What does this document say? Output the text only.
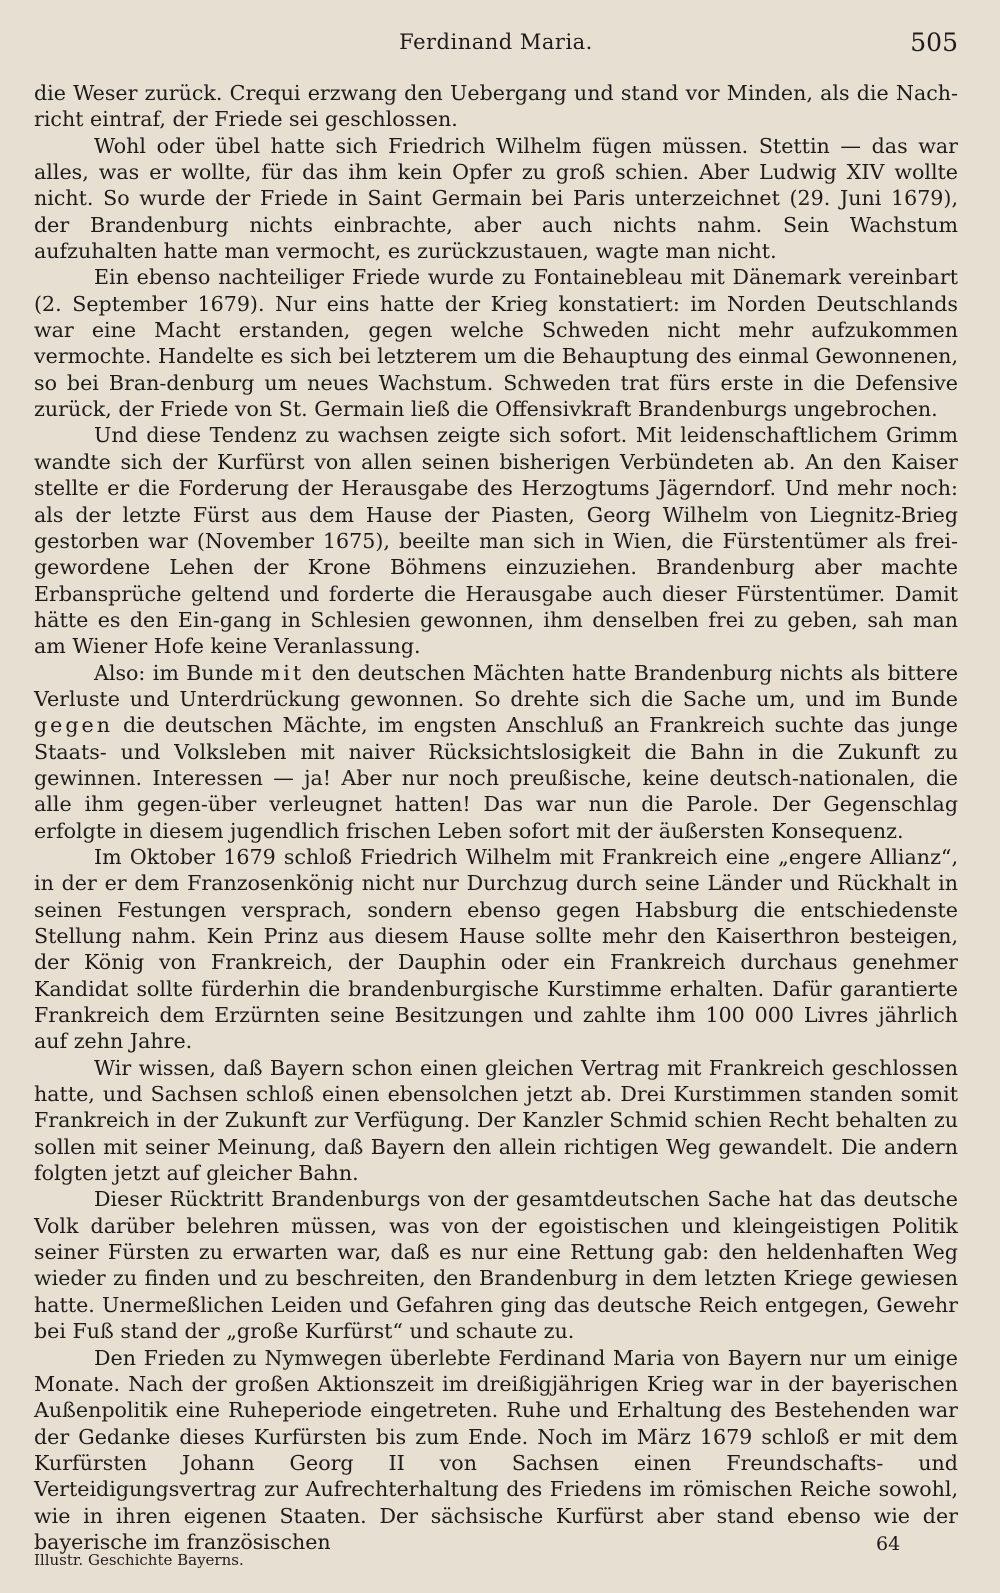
Ferdinand Maria.	505

die Weser zurück. Crequi erzwang den Uebergang und stand vor Minden, als die Nach-richt eintraf, der Friede sei geschlossen.

Wohl oder übel hatte sich Friedrich Wilhelm fügen müssen. Stettin — das war alles, was er wollte, für das ihm kein Opfer zu groß schien. Aber Ludwig XIV wollte nicht. So wurde der Friede in Saint Germain bei Paris unterzeichnet (29. Juni 1679), der Brandenburg nichts einbrachte, aber auch nichts nahm. Sein Wachstum aufzuhalten hatte man vermocht, es zurückzustauen, wagte man nicht.

Ein ebenso nachteiliger Friede wurde zu Fontainebleau mit Dänemark vereinbart (2. September 1679). Nur eins hatte der Krieg konstatiert: im Norden Deutschlands war eine Macht erstanden, gegen welche Schweden nicht mehr aufzukommen vermochte. Handelte es sich bei letzterem um die Behauptung des einmal Gewonnenen, so bei Bran-denburg um neues Wachstum. Schweden trat fürs erste in die Defensive zurück, der Friede von St. Germain ließ die Offensivkraft Brandenburgs ungebrochen.

Und diese Tendenz zu wachsen zeigte sich sofort. Mit leidenschaftlichem Grimm wandte sich der Kurfürst von allen seinen bisherigen Verbündeten ab. An den Kaiser stellte er die Forderung der Herausgabe des Herzogtums Jägerndorf. Und mehr noch: als der letzte Fürst aus dem Hause der Piasten, Georg Wilhelm von Liegnitz-Brieg gestorben war (November 1675), beeilte man sich in Wien, die Fürstentümer als frei-gewordene Lehen der Krone Böhmens einzuziehen. Brandenburg aber machte Erbansprüche geltend und forderte die Herausgabe auch dieser Fürstentümer. Damit hätte es den Ein-gang in Schlesien gewonnen, ihm denselben frei zu geben, sah man am Wiener Hofe keine Veranlassung.

Also: im Bunde mit den deutschen Mächten hatte Brandenburg nichts als bittere Verluste und Unterdrückung gewonnen. So drehte sich die Sache um, und im Bunde gegen die deutschen Mächte, im engsten Anschluß an Frankreich suchte das junge Staats- und Volksleben mit naiver Rücksichtslosigkeit die Bahn in die Zukunft zu gewinnen. Interessen — ja! Aber nur noch preußische, keine deutsch-nationalen, die alle ihm gegen-über verleugnet hatten! Das war nun die Parole. Der Gegenschlag erfolgte in diesem jugendlich frischen Leben sofort mit der äußersten Konsequenz.

Im Oktober 1679 schloß Friedrich Wilhelm mit Frankreich eine „engere Allianz“, in der er dem Franzosenkönig nicht nur Durchzug durch seine Länder und Rückhalt in seinen Festungen versprach, sondern ebenso gegen Habsburg die entschiedenste Stellung nahm. Kein Prinz aus diesem Hause sollte mehr den Kaiserthron besteigen, der König von Frankreich, der Dauphin oder ein Frankreich durchaus genehmer Kandidat sollte fürderhin die brandenburgische Kurstimme erhalten. Dafür garantierte Frankreich dem Erzürnten seine Besitzungen und zahlte ihm 100 000 Livres jährlich auf zehn Jahre.

Wir wissen, daß Bayern schon einen gleichen Vertrag mit Frankreich geschlossen hatte, und Sachsen schloß einen ebensolchen jetzt ab. Drei Kurstimmen standen somit Frankreich in der Zukunft zur Verfügung. Der Kanzler Schmid schien Recht behalten zu sollen mit seiner Meinung, daß Bayern den allein richtigen Weg gewandelt. Die andern folgten jetzt auf gleicher Bahn.

Dieser Rücktritt Brandenburgs von der gesamtdeutschen Sache hat das deutsche Volk darüber belehren müssen, was von der egoistischen und kleingeistigen Politik seiner Fürsten zu erwarten war, daß es nur eine Rettung gab: den heldenhaften Weg wieder zu finden und zu beschreiten, den Brandenburg in dem letzten Kriege gewiesen hatte. Unermeßlichen Leiden und Gefahren ging das deutsche Reich entgegen, Gewehr bei Fuß stand der „große Kurfürst“ und schaute zu.

Den Frieden zu Nymwegen überlebte Ferdinand Maria von Bayern nur um einige Monate. Nach der großen Aktionszeit im dreißigjährigen Krieg war in der bayerischen Außenpolitik eine Ruheperiode eingetreten. Ruhe und Erhaltung des Bestehenden war der Gedanke dieses Kurfürsten bis zum Ende. Noch im März 1679 schloß er mit dem Kurfürsten Johann Georg II von Sachsen einen Freundschafts- und Verteidigungsvertrag zur Aufrechterhaltung des Friedens im römischen Reiche sowohl, wie in ihren eigenen Staaten. Der sächsische Kurfürst aber stand ebenso wie der bayerische im französischen

Illustr. Geschichte Bayerns.
64
